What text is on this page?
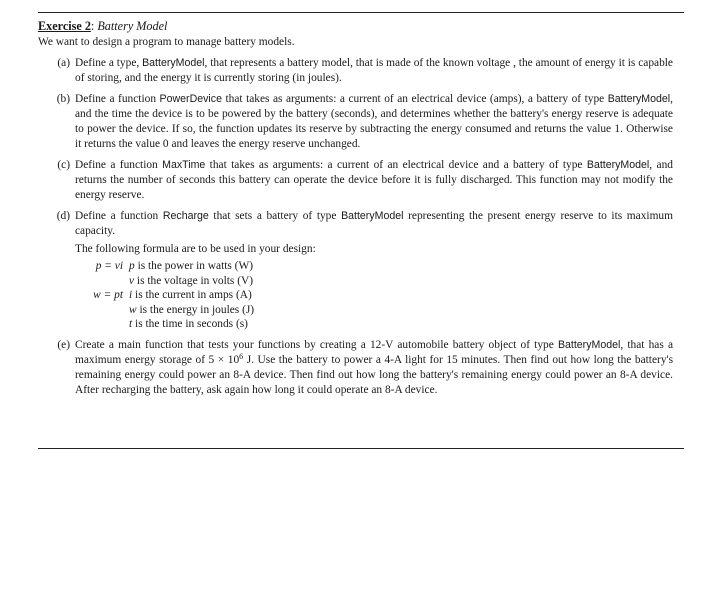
Exercise 2: Battery Model
We want to design a program to manage battery models.
(a) Define a type, BatteryModel, that represents a battery model, that is made of the known voltage , the amount of energy it is capable of storing, and the energy it is currently storing (in joules).
(b) Define a function PowerDevice that takes as arguments: a current of an electrical device (amps), a battery of type BatteryModel, and the time the device is to be powered by the battery (seconds), and determines whether the battery's energy reserve is adequate to power the device. If so, the function updates its reserve by subtracting the energy consumed and returns the value 1. Otherwise it returns the value 0 and leaves the energy reserve unchanged.
(c) Define a function MaxTime that takes as arguments: a current of an electrical device and a battery of type BatteryModel, and returns the number of seconds this battery can operate the device before it is fully discharged. This function may not modify the energy reserve.
(d) Define a function Recharge that sets a battery of type BatteryModel representing the present energy reserve to its maximum capacity.
The following formula are to be used in your design:
p = vi p is the power in watts (W)
v is the voltage in volts (V)
w = pt i is the current in amps (A)
w is the energy in joules (J)
t is the time in seconds (s)
(e) Create a main function that tests your functions by creating a 12-V automobile battery object of type BatteryModel, that has a maximum energy storage of $5 \times 10^6$ J. Use the battery to power a 4-A light for 15 minutes. Then find out how long the battery's remaining energy could power an 8-A device. Then find out how long the battery's remaining energy could power an 8-A device. After recharging the battery, ask again how long it could operate an 8-A device.
